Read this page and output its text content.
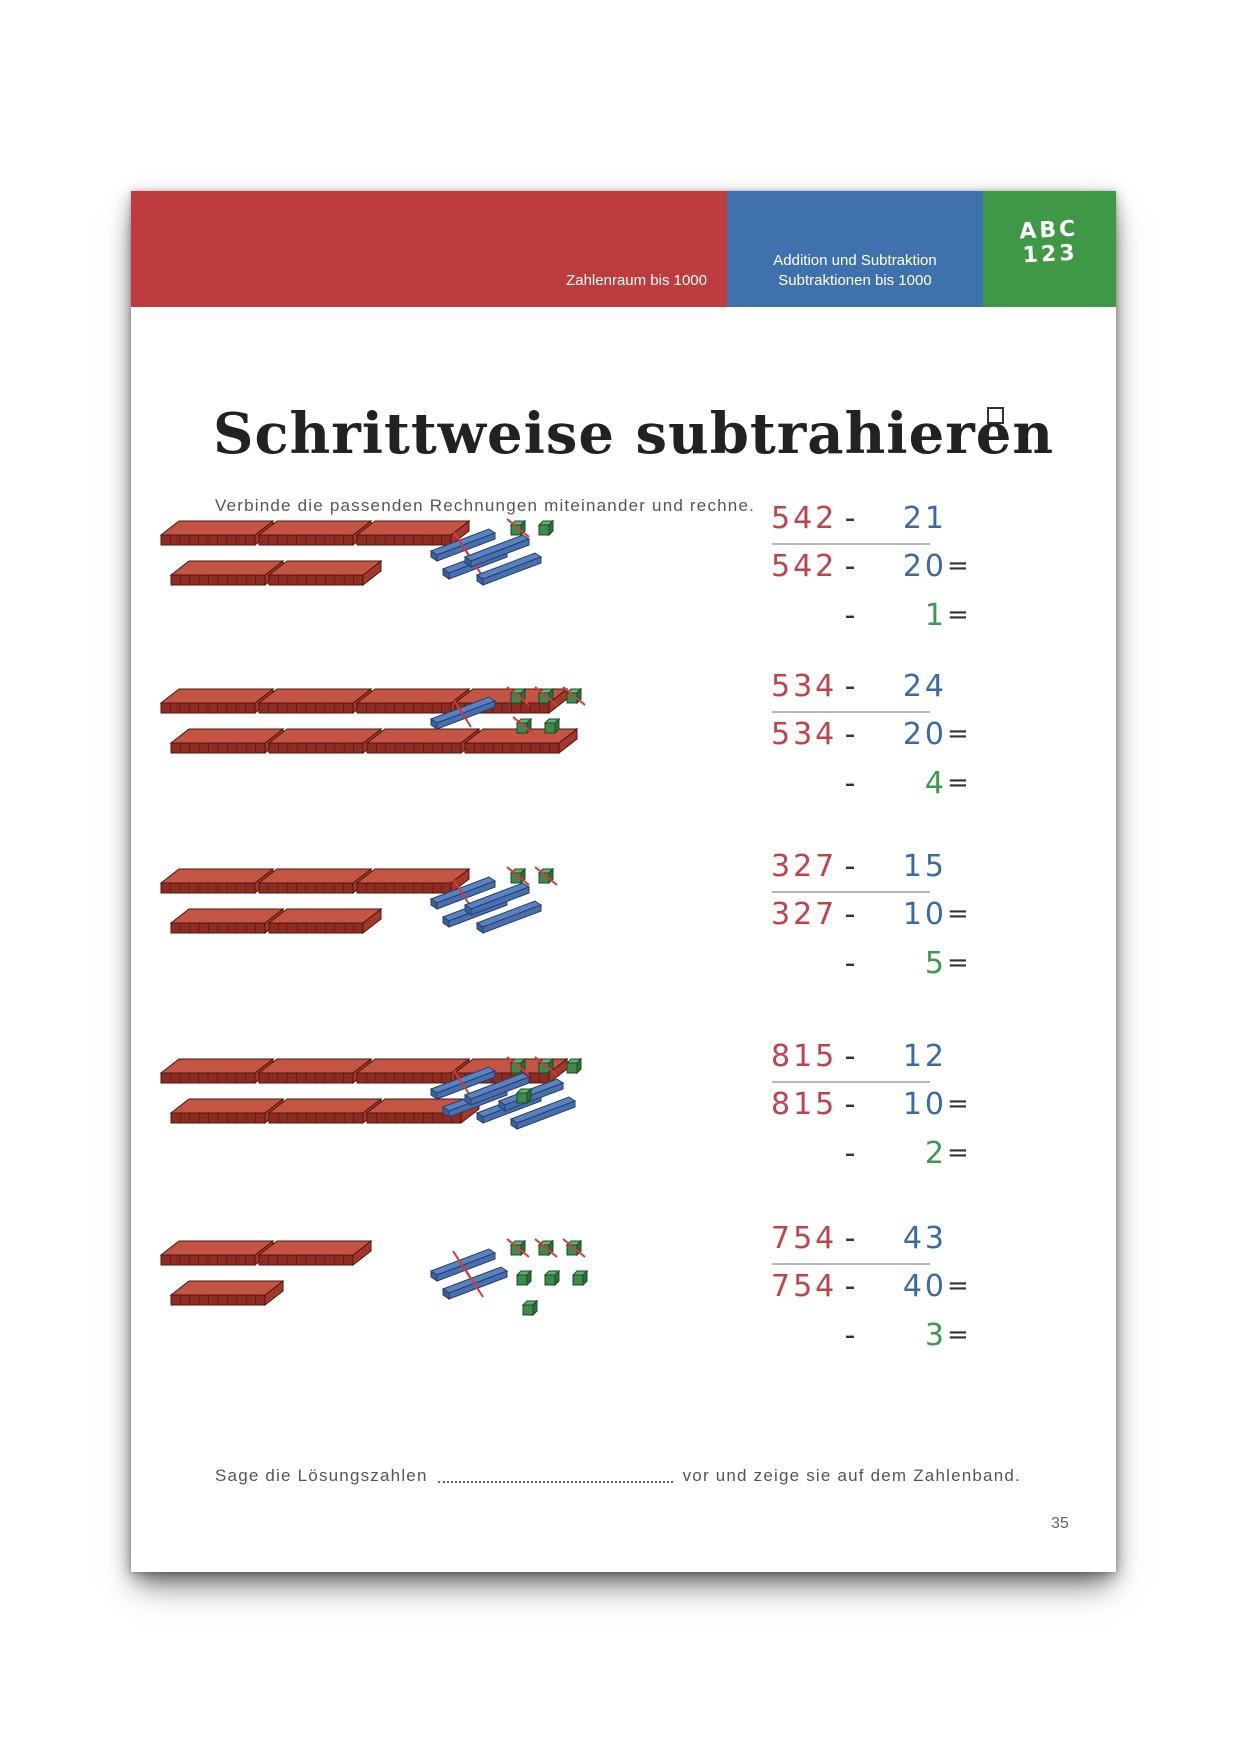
Zahlenraum bis 1000
Addition und Subtraktion
Subtraktionen bis 1000
ABC
123
Schrittweise subtrahieren
Verbinde die passenden Rechnungen miteinander und rechne. 542 -	21
542 -	20 =
-	1 =
534 -	24
534 -	20 =
-	4 =
327 -	15
327 -	10 =
-	5 =
815 -	12
815 -	10 =
-	2 =
754 -	43
754 -	40 =
-	3 =
Sage die Lösungszahlen	vor und zeige sie auf dem Zahlenband.
35
